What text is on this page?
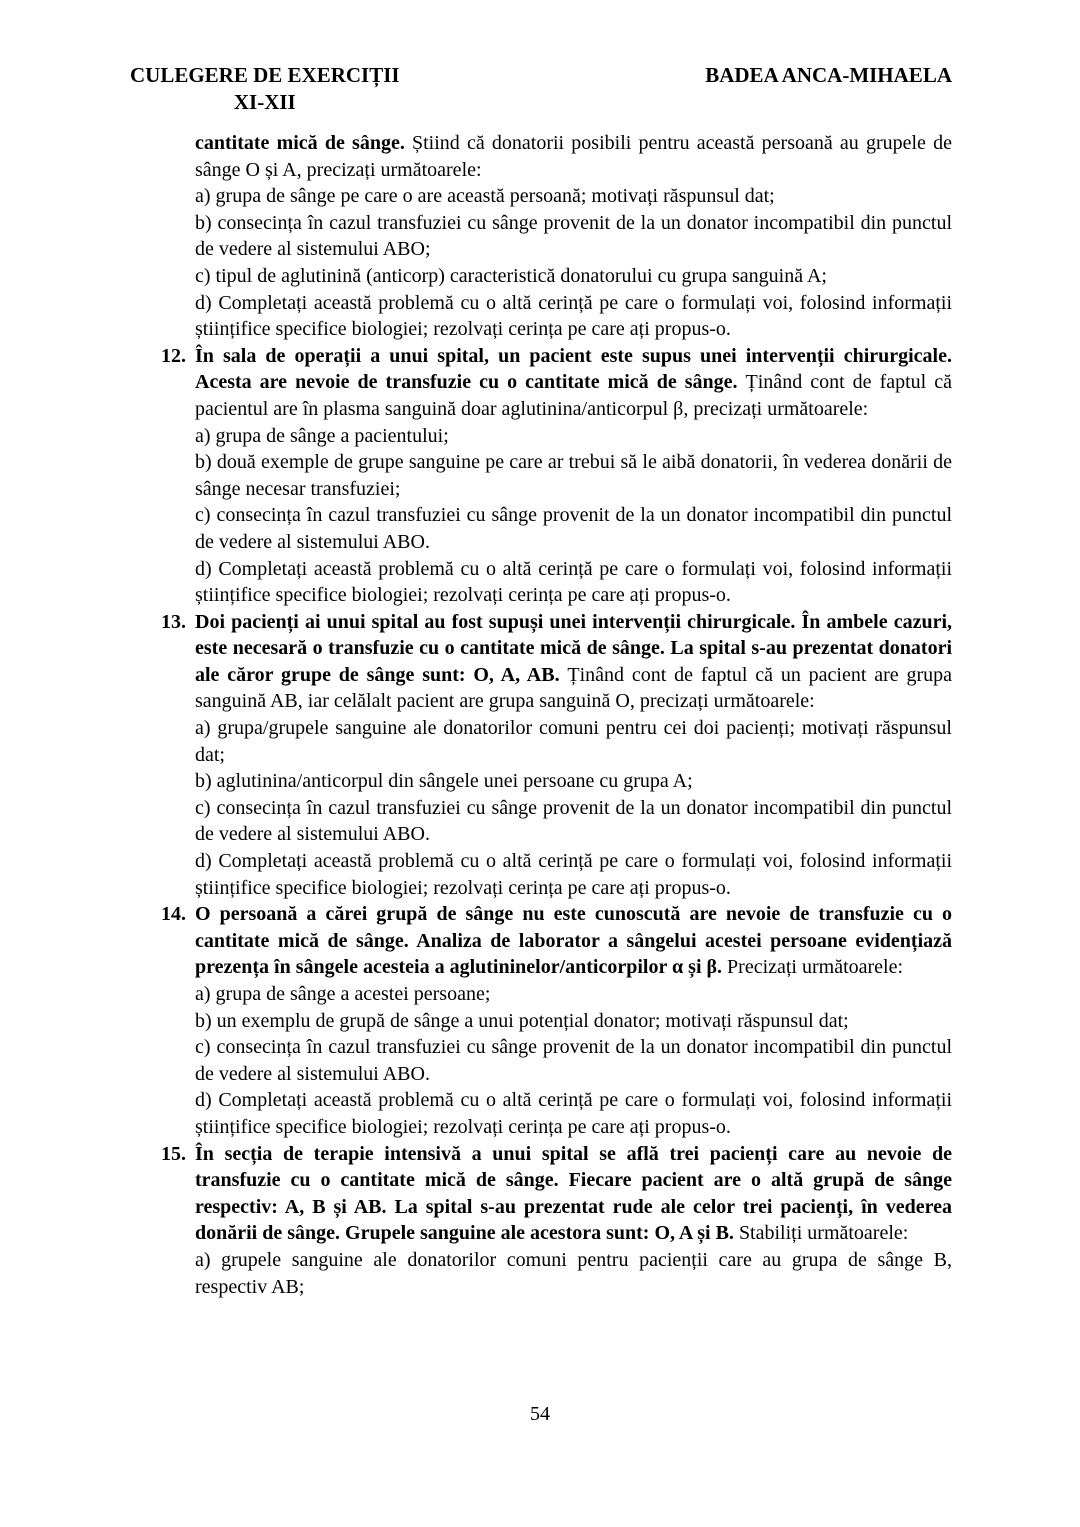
CULEGERE DE EXERCIȚII
XI-XII
BADEA ANCA-MIHAELA

cantitate mică de sânge. Știind că donatorii posibili pentru această persoană au grupele de sânge O și A, precizați următoarele:

a) grupa de sânge pe care o are această persoană; motivați răspunsul dat;

b) consecința în cazul transfuziei cu sânge provenit de la un donator incompatibil din punctul de vedere al sistemului ABO;

c) tipul de aglutinină (anticorp) caracteristică donatorului cu grupa sanguină A;

d) Completați această problemă cu o altă cerință pe care o formulați voi, folosind informații științifice specifice biologiei; rezolvați cerința pe care ați propus-o.

12. În sala de operații a unui spital, un pacient este supus unei intervenții chirurgicale. Acesta are nevoie de transfuzie cu o cantitate mică de sânge. Ținând cont de faptul că pacientul are în plasma sanguină doar aglutinina/anticorpul β, precizați următoarele:

a) grupa de sânge a pacientului;

b) două exemple de grupe sanguine pe care ar trebui să le aibă donatorii, în vederea donării de sânge necesar transfuziei;

c) consecința în cazul transfuziei cu sânge provenit de la un donator incompatibil din punctul de vedere al sistemului ABO.

d) Completați această problemă cu o altă cerință pe care o formulați voi, folosind informații științifice specifice biologiei; rezolvați cerința pe care ați propus-o.

13. Doi pacienți ai unui spital au fost supuși unei intervenții chirurgicale. În ambele cazuri, este necesară o transfuzie cu o cantitate mică de sânge. La spital s-au prezentat donatori ale căror grupe de sânge sunt: O, A, AB. Ținând cont de faptul că un pacient are grupa sanguină AB, iar celălalt pacient are grupa sanguină O, precizați următoarele:

a) grupa/grupele sanguine ale donatorilor comuni pentru cei doi pacienți; motivați răspunsul dat;

b) aglutinina/anticorpul din sângele unei persoane cu grupa A;

c) consecința în cazul transfuziei cu sânge provenit de la un donator incompatibil din punctul de vedere al sistemului ABO.

d) Completați această problemă cu o altă cerință pe care o formulați voi, folosind informații științifice specifice biologiei; rezolvați cerința pe care ați propus-o.

14. O persoană a cărei grupă de sânge nu este cunoscută are nevoie de transfuzie cu o cantitate mică de sânge. Analiza de laborator a sângelui acestei persoane evidențiază prezența în sângele acesteia a aglutininelor/anticorpilor α și β. Precizați următoarele:

a) grupa de sânge a acestei persoane;

b) un exemplu de grupă de sânge a unui potențial donator; motivați răspunsul dat;

c) consecința în cazul transfuziei cu sânge provenit de la un donator incompatibil din punctul de vedere al sistemului ABO.

d) Completați această problemă cu o altă cerință pe care o formulați voi, folosind informații științifice specifice biologiei; rezolvați cerința pe care ați propus-o.

15. În secția de terapie intensivă a unui spital se află trei pacienți care au nevoie de transfuzie cu o cantitate mică de sânge. Fiecare pacient are o altă grupă de sânge respectiv: A, B și AB. La spital s-au prezentat rude ale celor trei pacienți, în vederea donării de sânge. Grupele sanguine ale acestora sunt: O, A și B. Stabiliți următoarele:

a) grupele sanguine ale donatorilor comuni pentru pacienții care au grupa de sânge B, respectiv AB;

54
